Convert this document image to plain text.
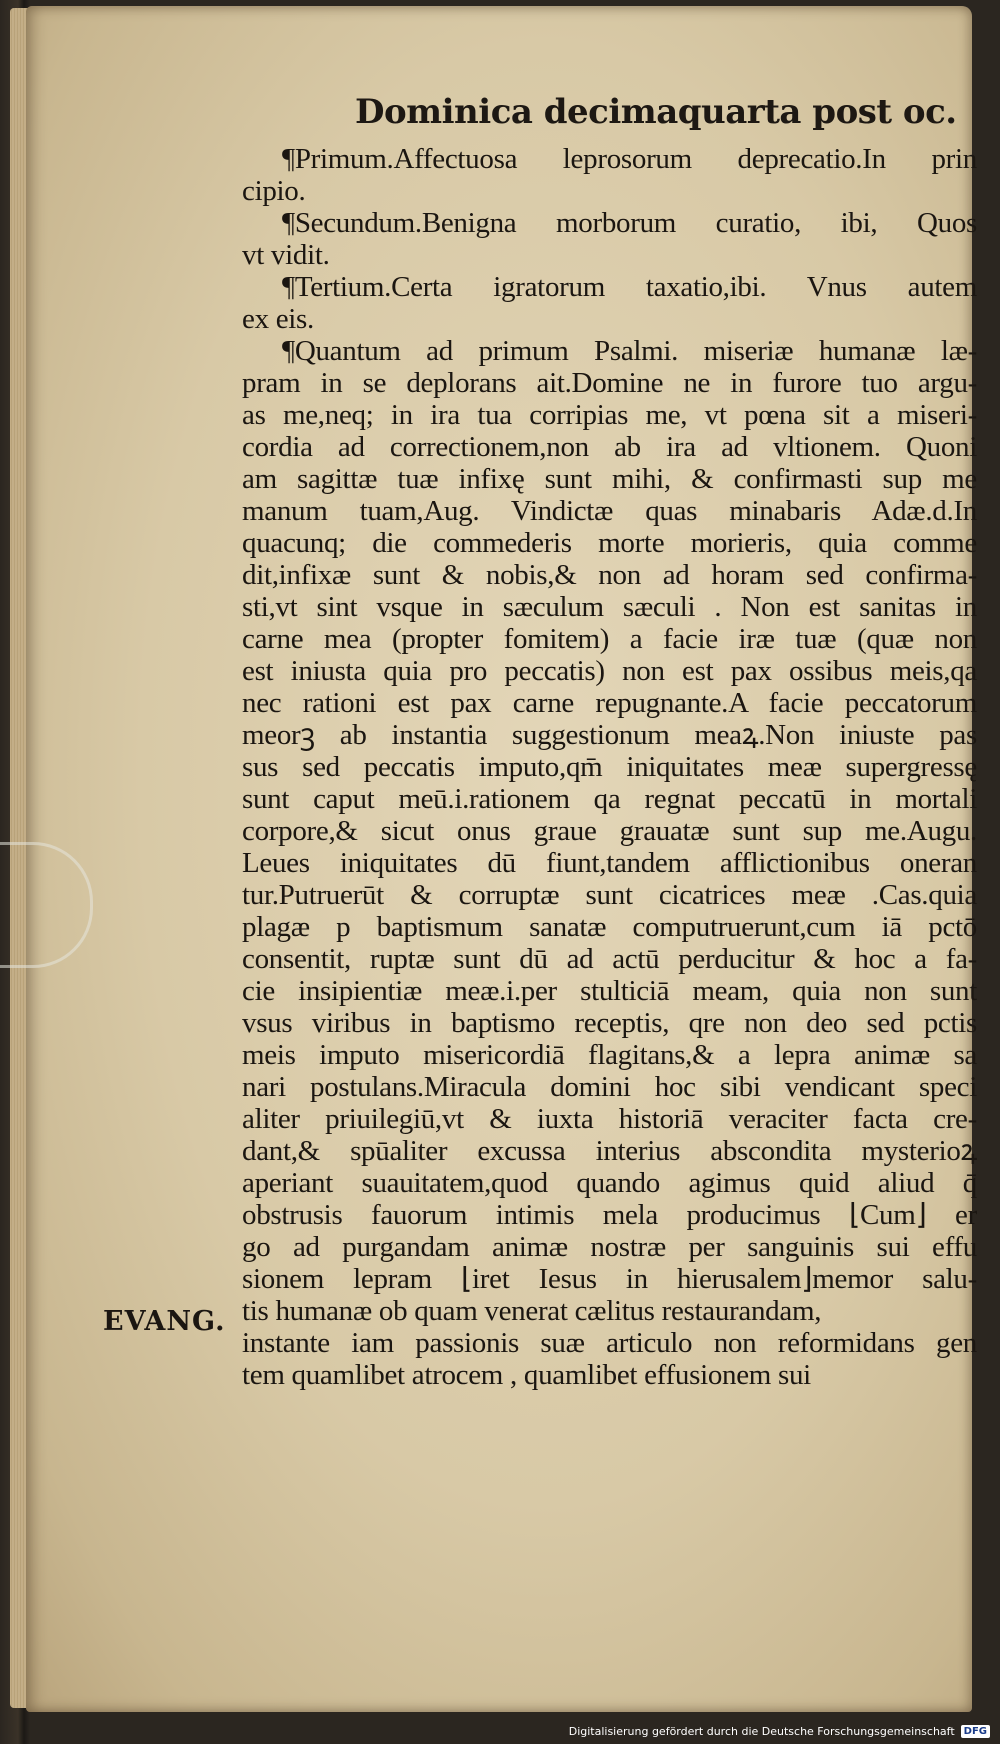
Dominica decimaquarta post oc.
EVANG.
¶Primum.Affectuosa leprosorum deprecatio.In prin
cipio.
¶Secundum.Benigna morborum curatio, ibi, Quos
vt vidit.
¶Tertium.Certa igratorum taxatio,ibi. Vnus autem
ex eis.
¶Quantum ad primum Psalmi. miseriæ humanæ læ-
pram in se deplorans ait.Domine ne in furore tuo argu-
as me,neq; in ira tua corripias me, vt pœna sit a miseri-
cordia ad correctionem,non ab ira ad vltionem. Quoni
am sagittæ tuæ infixę sunt mihi, & confirmasti sup me
manum tuam,Aug. Vindictæ quas minabaris Adæ.d.In
quacunq; die commederis morte morieris, quia comme
dit,infixæ sunt & nobis,& non ad horam sed confirma-
sti,vt sint vsque in sæculum sæculi . Non est sanitas in
carne mea (propter fomitem) a facie iræ tuæ (quæ non
est iniusta quia pro peccatis) non est pax ossibus meis,qa
nec rationi est pax carne repugnante.A facie peccatorum
meorꝫ ab instantia suggestionum meaꝝ.Non iniuste pas
sus sed peccatis imputo,qm̄ iniquitates meæ supergressę
sunt caput meū.i.rationem qa regnat peccatū in mortali
corpore,& sicut onus graue grauatæ sunt sup me.Augu.
Leues iniquitates dū fiunt,tandem afflictionibus oneran
tur.Putruerūt & corruptæ sunt cicatrices meæ .Cas.quia
plagæ p baptismum sanatæ computruerunt,cum iā pctō
consentit, ruptæ sunt dū ad actū perducitur & hoc a fa-
cie insipientiæ meæ.i.per stulticiā meam, quia non sunt
vsus viribus in baptismo receptis, qre non deo sed pctis
meis imputo misericordiā flagitans,& a lepra animæ sa
nari postulans.Miracula domini hoc sibi vendicant speci
aliter priuilegiū,vt & iuxta historiā veraciter facta cre-
dant,& spūaliter excussa interius abscondita mysterioꝝ
aperiant suauitatem,quod quando agimus quid aliud q̄
obstrusis fauorum intimis mela producimus ⌊Cum⌋ er
go ad purgandam animæ nostræ per sanguinis sui effu
sionem lepram ⌊iret Iesus in hierusalem⌋memor salu-
tis humanæ ob quam venerat cælitus restaurandam,
instante iam passionis suæ articulo non reformidans gen
tem quamlibet atrocem , quamlibet effusionem sui
Digitalisierung gefördert durch die Deutsche Forschungsgemeinschaft DFG
